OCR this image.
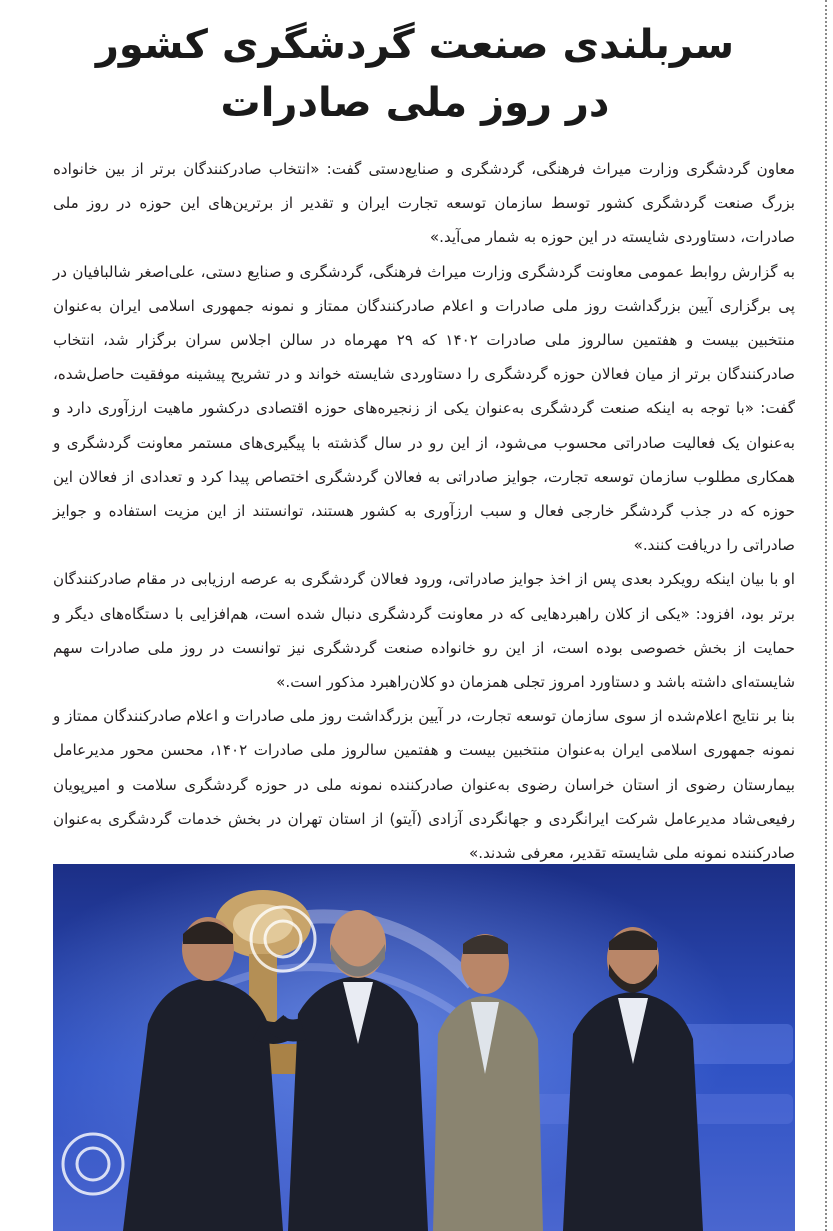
سربلندی صنعت گردشگری کشور
در روز ملی صادرات

معاون گردشگری وزارت میراث فرهنگی، گردشگری و صنایع‌دستی گفت: «انتخاب صادرکنندگان برتر از بین خانواده بزرگ صنعت گردشگری کشور توسط سازمان توسعه تجارت ایران و تقدیر از برترین‌های این حوزه در روز ملی صادرات، دستاوردی شایسته در این حوزه به شمار می‌آید.»

به گزارش روابط عمومی معاونت گردشگری وزارت میراث فرهنگی، گردشگری و صنایع دستی، علی‌اصغر شالبافیان در پی برگزاری آیین بزرگداشت روز ملی صادرات و اعلام صادرکنندگان ممتاز و نمونه جمهوری اسلامی ایران به‌عنوان منتخبین بیست و هفتمین سالروز ملی صادرات ۱۴۰۲ که ۲۹ مهرماه در سالن اجلاس سران برگزار شد، انتخاب صادرکنندگان برتر از میان فعالان حوزه گردشگری را دستاوردی شایسته خواند و در تشریح پیشینه موفقیت حاصل‌شده، گفت: «با توجه به اینکه صنعت گردشگری به‌عنوان یکی از زنجیره‌های حوزه اقتصادی درکشور ماهیت ارزآوری دارد و به‌عنوان یک فعالیت صادراتی محسوب می‌شود، از این رو در سال گذشته با پیگیری‌های مستمر معاونت گردشگری و همکاری مطلوب سازمان توسعه تجارت، جوایز صادراتی به فعالان گردشگری اختصاص پیدا کرد و تعدادی از فعالان این حوزه که در جذب گردشگر خارجی فعال و سبب ارزآوری به کشور هستند، توانستند از این مزیت استفاده و جوایز صادراتی را دریافت کنند.»

او با بیان اینکه رویکرد بعدی پس از اخذ جوایز صادراتی، ورود فعالان گردشگری به عرصه ارزیابی در مقام صادرکنندگان برتر بود، افزود: «یکی از کلان راهبردهایی که در معاونت گردشگری دنبال شده است، هم‌افزایی با دستگاه‌های دیگر و حمایت از بخش خصوصی بوده است، از این رو خانواده صنعت گردشگری نیز توانست در روز ملی صادرات سهم شایسته‌ای داشته باشد و دستاورد امروز تجلی همزمان دو کلان‌راهبرد مذکور است.»

بنا بر نتایج اعلام‌شده از سوی سازمان توسعه تجارت، در آیین بزرگداشت روز ملی صادرات و اعلام صادرکنندگان ممتاز و نمونه جمهوری اسلامی ایران به‌عنوان منتخبین بیست و هفتمین سالروز ملی صادرات ۱۴۰۲، محسن محور مدیرعامل بیمارستان رضوی از استان خراسان رضوی به‌عنوان صادرکننده نمونه ملی در حوزه گردشگری سلامت و امیرپویان رفیعی‌شاد مدیرعامل شرکت ایرانگردی و جهانگردی آزادی (آیتو) از استان تهران در بخش خدمات گردشگری به‌عنوان صادرکننده نمونه ملی شایسته تقدیر، معرفی شدند.»
